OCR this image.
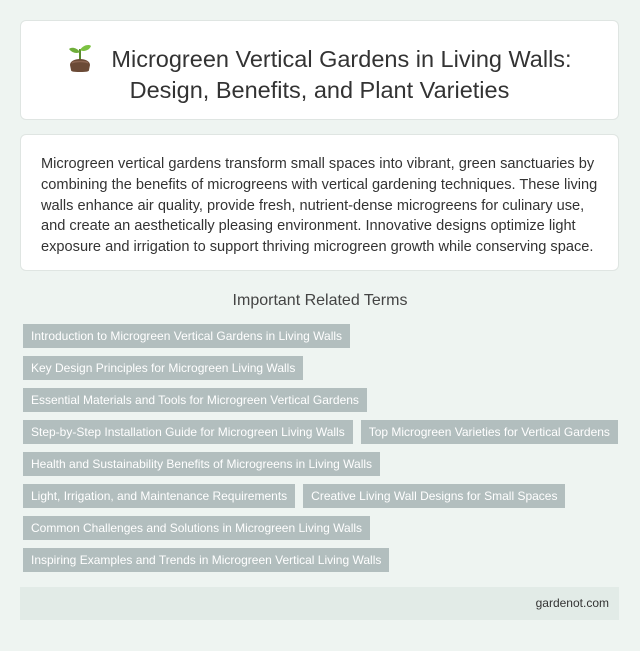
Microgreen Vertical Gardens in Living Walls:
Design, Benefits, and Plant Varieties

Microgreen vertical gardens transform small spaces into vibrant, green sanctuaries by combining the benefits of microgreens with vertical gardening techniques. These living walls enhance air quality, provide fresh, nutrient-dense microgreens for culinary use, and create an aesthetically pleasing environment. Innovative designs optimize light exposure and irrigation to support thriving microgreen growth while conserving space.

Important Related Terms
Introduction to Microgreen Vertical Gardens in Living Walls
Key Design Principles for Microgreen Living Walls
Essential Materials and Tools for Microgreen Vertical Gardens
Step-by-Step Installation Guide for Microgreen Living Walls	Top Microgreen Varieties for Vertical Gardens
Health and Sustainability Benefits of Microgreens in Living Walls
Light, Irrigation, and Maintenance Requirements	Creative Living Wall Designs for Small Spaces
Common Challenges and Solutions in Microgreen Living Walls
Inspiring Examples and Trends in Microgreen Vertical Living Walls
gardenot.com
